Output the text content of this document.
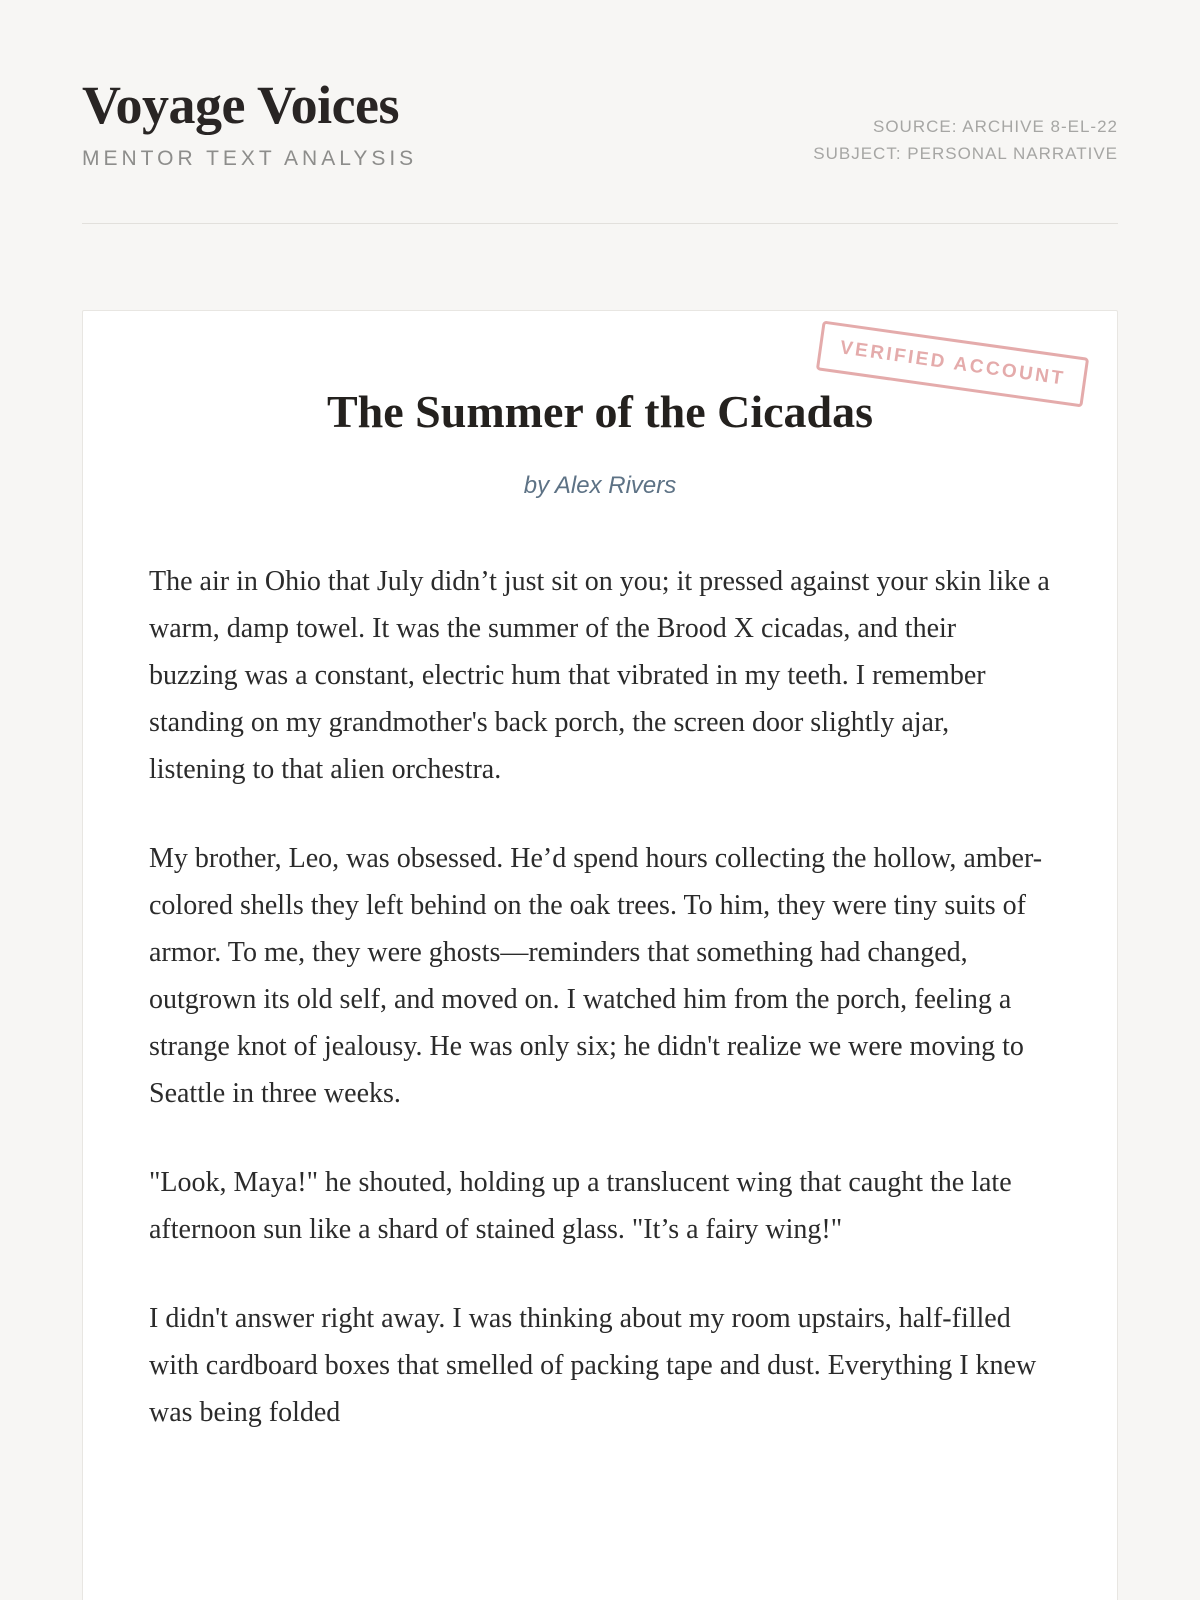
Voyage Voices
MENTOR TEXT ANALYSIS
SOURCE: ARCHIVE 8-EL-22
SUBJECT: PERSONAL NARRATIVE
VERIFIED ACCOUNT
The Summer of the Cicadas
by Alex Rivers

The air in Ohio that July didn’t just sit on you; it pressed against your skin like a warm, damp towel. It was the summer of the Brood X cicadas, and their buzzing was a constant, electric hum that vibrated in my teeth. I remember standing on my grandmother's back porch, the screen door slightly ajar, listening to that alien orchestra.

My brother, Leo, was obsessed. He’d spend hours collecting the hollow, amber-colored shells they left behind on the oak trees. To him, they were tiny suits of armor. To me, they were ghosts—reminders that something had changed, outgrown its old self, and moved on. I watched him from the porch, feeling a strange knot of jealousy. He was only six; he didn't realize we were moving to Seattle in three weeks.

"Look, Maya!" he shouted, holding up a translucent wing that caught the late afternoon sun like a shard of stained glass. "It’s a fairy wing!"

I didn't answer right away. I was thinking about my room upstairs, half-filled with cardboard boxes that smelled of packing tape and dust. Everything I knew was being folded
